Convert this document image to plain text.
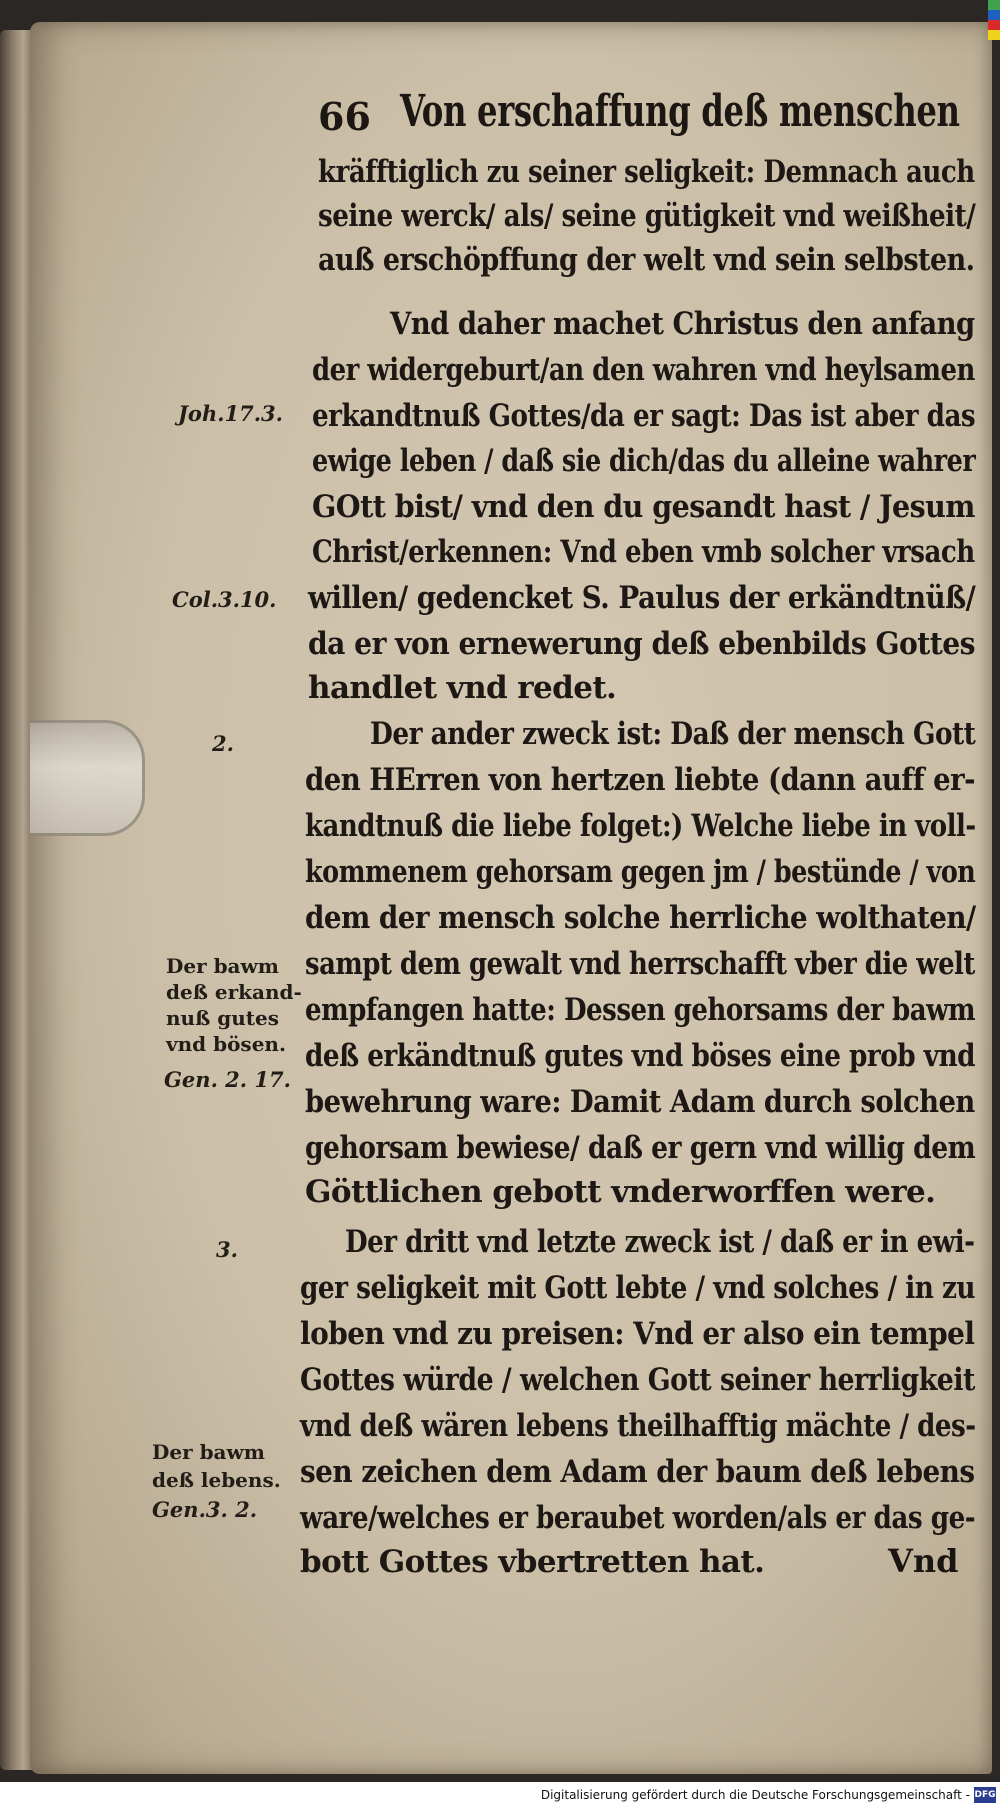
66 Von erschaffung deß menschen
kräfftiglich zu seiner seligkeit: Demnach auch
seine werck/ als/ seine gütigkeit vnd weißheit/
auß erschöpffung der welt vnd sein selbsten.
Vnd daher machet Christus den anfang
der widergeburt/an den wahren vnd heylsamen
erkandtnuß Gottes/da er sagt: Das ist aber das
ewige leben / daß sie dich/das du alleine wahrer
GOtt bist/ vnd den du gesandt hast / Jesum
Christ/erkennen: Vnd eben vmb solcher vrsach
willen/ gedencket S. Paulus der erkändtnüß/
da er von ernewerung deß ebenbilds Gottes
handlet vnd redet.
Der ander zweck ist: Daß der mensch Gott
den HErren von hertzen liebte (dann auff er-
kandtnuß die liebe folget:) Welche liebe in voll-
kommenem gehorsam gegen jm / bestünde / von
dem der mensch solche herrliche wolthaten/
sampt dem gewalt vnd herrschafft vber die welt
empfangen hatte: Dessen gehorsams der bawm
deß erkändtnuß gutes vnd böses eine prob vnd
bewehrung ware: Damit Adam durch solchen
gehorsam bewiese/ daß er gern vnd willig dem
Göttlichen gebott vnderworffen were.
Der dritt vnd letzte zweck ist / daß er in ewi-
ger seligkeit mit Gott lebte / vnd solches / in zu
loben vnd zu preisen: Vnd er also ein tempel
Gottes würde / welchen Gott seiner herrligkeit
vnd deß wären lebens theilhafftig mächte / des-
sen zeichen dem Adam der baum deß lebens
ware/welches er beraubet worden/als er das ge-
bott Gottes vbertretten hat.
Joh.17.3.
Col.3.10.
2.
Der bawm
deß erkand-
nuß gutes
vnd bösen.
Gen. 2. 17.
3.
Der bawm
deß lebens.
Gen.3. 2.
Vnd
Digitalisierung gefördert durch die Deutsche Forschungsgemeinschaft - DFG
